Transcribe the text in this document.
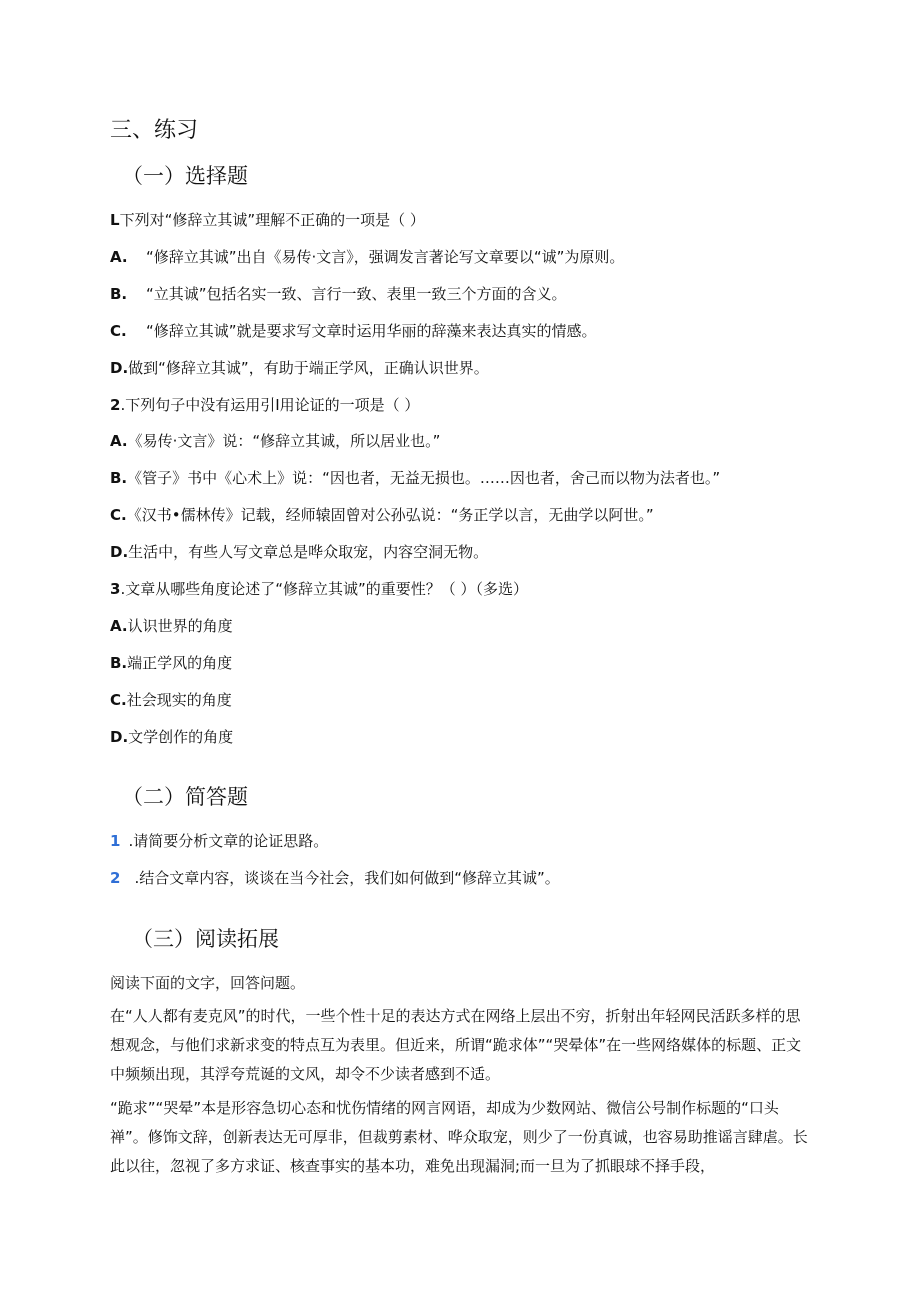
三、练习
（一）选择题
L下列对“修辞立其诚”理解不正确的一项是（ ）
A. “修辞立其诚”出自《易传·文言》，强调发言著论写文章要以“诚”为原则。
B. “立其诚”包括名实一致、言行一致、表里一致三个方面的含义。
C. “修辞立其诚”就是要求写文章时运用华丽的辞藻来表达真实的情感。
D.做到“修辞立其诚”，有助于端正学风，正确认识世界。
2.下列句子中没有运用引I用论证的一项是（ ）
A.《易传·文言》说：“修辞立其诚，所以居业也。”
B.《管子》书中《心术上》说：“因也者，无益无损也。……因也者，舍己而以物为法者也。”
C.《汉书•儒林传》记载，经师辕固曾对公孙弘说：“务正学以言，无曲学以阿世。”
D.生活中，有些人写文章总是哗众取宠，内容空洞无物。
3.文章从哪些角度论述了“修辞立其诚”的重要性？（ ）（多选）
A.认识世界的角度
B.端正学风的角度
C.社会现实的角度
D.文学创作的角度
（二）简答题
1 .请简要分析文章的论证思路。
2 .结合文章内容，谈谈在当今社会，我们如何做到“修辞立其诚”。
（三）阅读拓展
阅读下面的文字，回答问题。
在“人人都有麦克风”的时代，一些个性十足的表达方式在网络上层出不穷，折射出年轻网民活跃多样的思想观念，与他们求新求变的特点互为表里。但近来，所谓“跪求体”“哭晕体”在一些网络媒体的标题、正文中频频出现，其浮夸荒诞的文风，却令不少读者感到不适。
“跪求”“哭晕”本是形容急切心态和忧伤情绪的网言网语，却成为少数网站、微信公号制作标题的“口头禅”。修饰文辞，创新表达无可厚非，但裁剪素材、哗众取宠，则少了一份真诚，也容易助推谣言肆虐。长此以往，忽视了多方求证、核查事实的基本功，难免出现漏洞;而一旦为了抓眼球不择手段，
